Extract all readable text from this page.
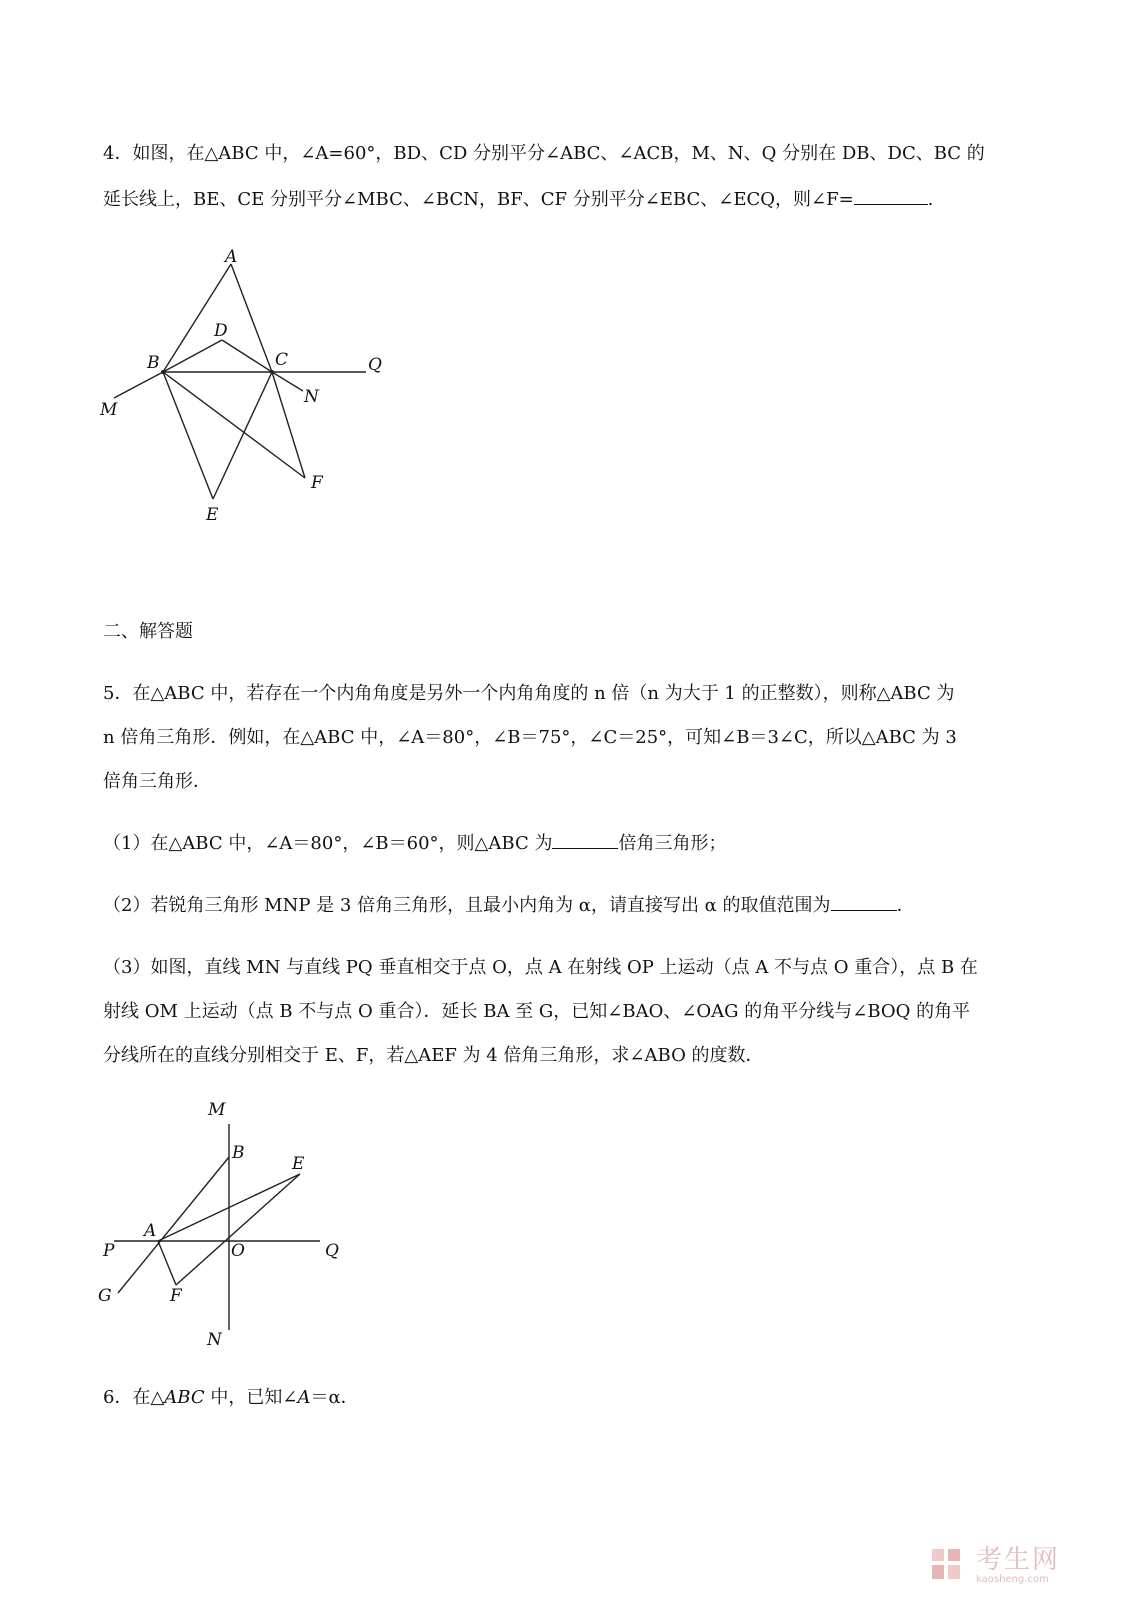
4．如图，在△ABC 中，∠A=60°，BD、CD 分别平分∠ABC、∠ACB，M、N、Q 分别在 DB、DC、BC 的
延长线上，BE、CE 分别平分∠MBC、∠BCN，BF、CF 分别平分∠EBC、∠ECQ，则∠F=	.
A
D
B	C	Q
N
M
F
E
M
B
E
A
P	O	Q
G	F
N
二、解答题
5．在△ABC 中，若存在一个内角角度是另外一个内角角度的 n 倍（n 为大于 1 的正整数），则称△ABC 为
n 倍角三角形．例如，在△ABC 中，∠A＝80°，∠B＝75°，∠C＝25°，可知∠B＝3∠C，所以△ABC 为 3
倍角三角形．
（1）在△ABC 中，∠A＝80°，∠B＝60°，则△ABC 为	倍角三角形；
（2）若锐角三角形 MNP 是 3 倍角三角形，且最小内角为 α，请直接写出 α 的取值范围为	．
（3）如图，直线 MN 与直线 PQ 垂直相交于点 O，点 A 在射线 OP 上运动（点 A 不与点 O 重合），点 B 在
射线 OM 上运动（点 B 不与点 O 重合）．延长 BA 至 G，已知∠BAO、∠OAG 的角平分线与∠BOQ 的角平
分线所在的直线分别相交于 E、F，若△AEF 为 4 倍角三角形，求∠ABO 的度数．
6．在△ABC 中，已知∠A＝α．
考生网
kaosheng.com
